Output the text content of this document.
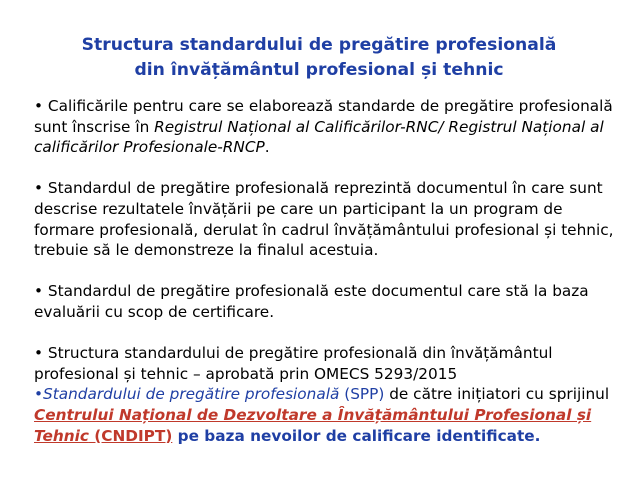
Structura standardului de pregătire profesională
din învățământul profesional și tehnic

• Calificările pentru care se elaborează standarde de pregătire profesională sunt înscrise în Registrul Național al Calificărilor-RNC/ Registrul Național al calificărilor Profesionale-RNCP.

• Standardul de pregătire profesională reprezintă documentul în care sunt descrise rezultatele învățării pe care un participant la un program de formare profesională, derulat în cadrul învățământului profesional și tehnic, trebuie să le demonstreze la finalul acestuia.

• Standardul de pregătire profesională este documentul care stă la baza evaluării cu scop de certificare.

• Structura standardului de pregătire profesională din învățământul
profesional și tehnic – aprobată prin OMECS 5293/2015
•Standardului de pregătire profesională (SPP) de către inițiatori cu sprijinul Centrului Național de Dezvoltare a Învățământului Profesional și Tehnic (CNDIPT) pe baza nevoilor de calificare identificate.
